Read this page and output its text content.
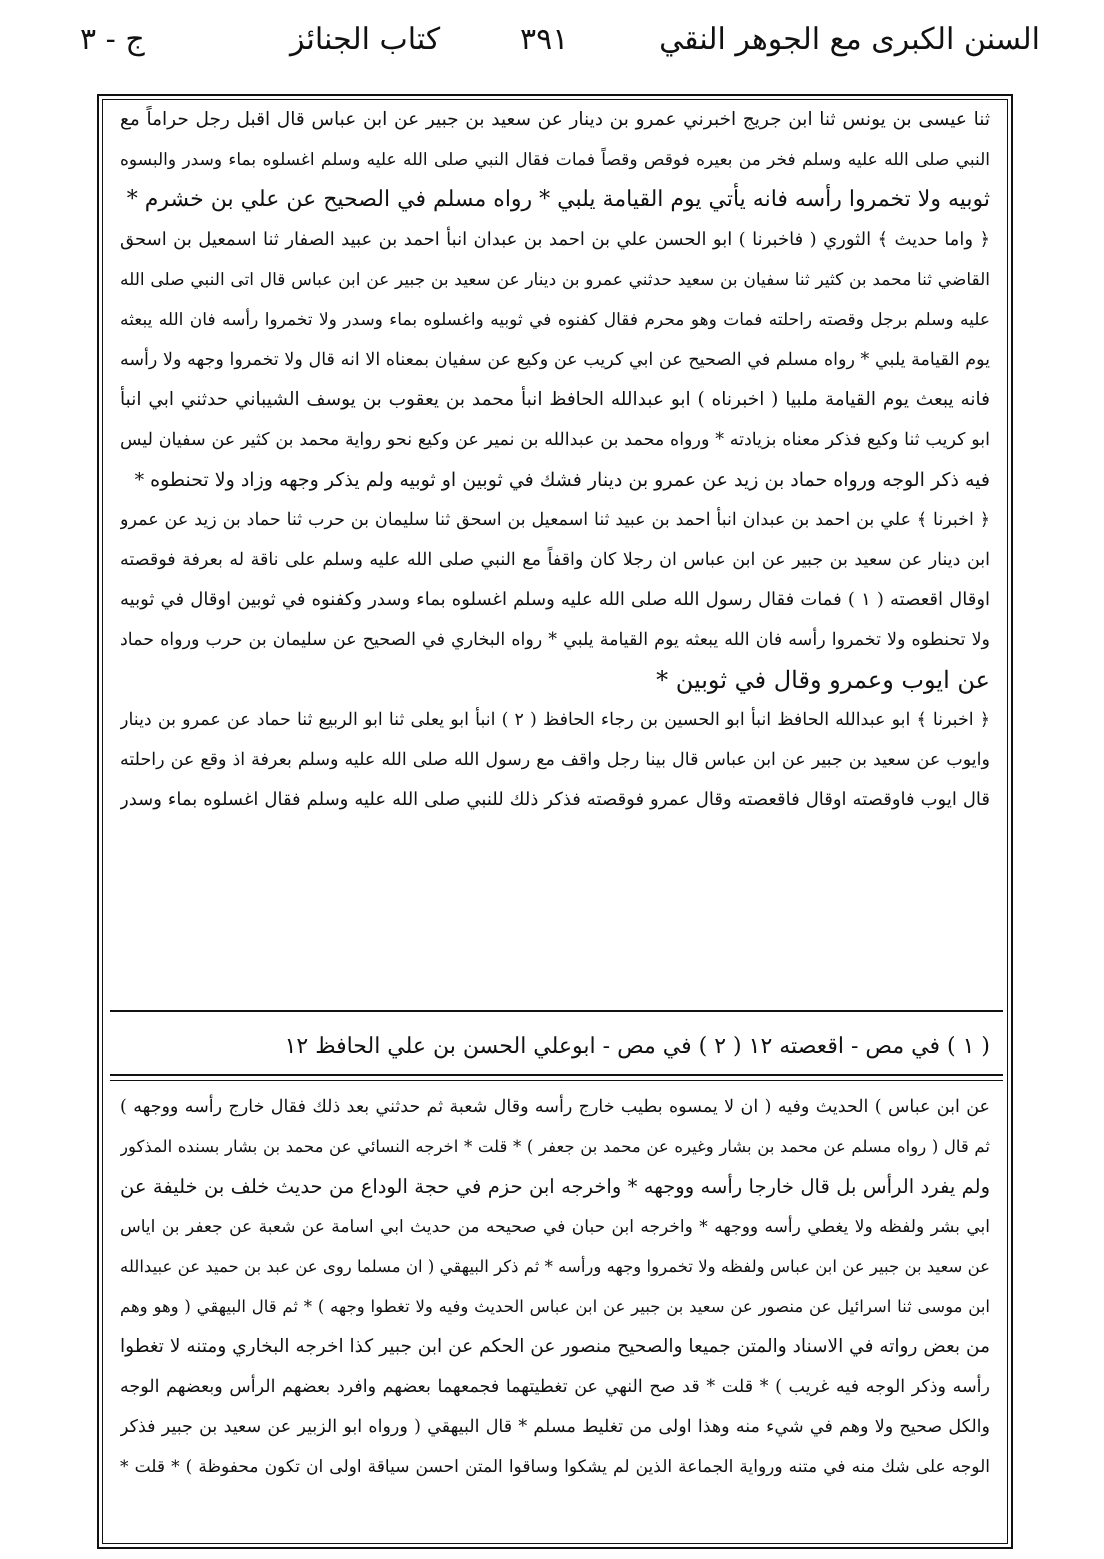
السنن الكبرى مع الجوهر النقي
٣٩١
كتاب الجنائز
ج - ٣
ثنا عيسى بن يونس ثنا ابن جريج اخبرني عمرو بن دينار عن سعيد بن جبير عن ابن عباس قال اقبل رجل حراماً مع
النبي صلى الله عليه وسلم فخر من بعيره فوقص وقصاً فمات فقال النبي صلى الله عليه وسلم اغسلوه بماء وسدر والبسوه
ثوبيه ولا تخمروا رأسه فانه يأتي يوم القيامة يلبي * رواه مسلم في الصحيح عن علي بن خشرم *
﴿ واما حديث ﴾ الثوري ( فاخبرنا ) ابو الحسن علي بن احمد بن عبدان انبأ احمد بن عبيد الصفار ثنا اسمعيل بن اسحق
القاضي ثنا محمد بن كثير ثنا سفيان بن سعيد حدثني عمرو بن دينار عن سعيد بن جبير عن ابن عباس قال اتى النبي صلى الله
عليه وسلم برجل وقصته راحلته فمات وهو محرم فقال كفنوه في ثوبيه واغسلوه بماء وسدر ولا تخمروا رأسه فان الله يبعثه
يوم القيامة يلبي * رواه مسلم في الصحيح عن ابي كريب عن وكيع عن سفيان بمعناه الا انه قال ولا تخمروا وجهه ولا رأسه
فانه يبعث يوم القيامة ملبيا ( اخبرناه ) ابو عبدالله الحافظ انبأ محمد بن يعقوب بن يوسف الشيباني حدثني ابي انبأ
ابو كريب ثنا وكيع فذكر معناه بزيادته * ورواه محمد بن عبدالله بن نمير عن وكيع نحو رواية محمد بن كثير عن سفيان ليس
فيه ذكر الوجه ورواه حماد بن زيد عن عمرو بن دينار فشك في ثوبين او ثوبيه ولم يذكر وجهه وزاد ولا تحنطوه *
﴿ اخبرنا ﴾ علي بن احمد بن عبدان انبأ احمد بن عبيد ثنا اسمعيل بن اسحق ثنا سليمان بن حرب ثنا حماد بن زيد عن عمرو
ابن دينار عن سعيد بن جبير عن ابن عباس ان رجلا كان واقفاً مع النبي صلى الله عليه وسلم على ناقة له بعرفة فوقصته
اوقال اقعصته ( ١ ) فمات فقال رسول الله صلى الله عليه وسلم اغسلوه بماء وسدر وكفنوه في ثوبين اوقال في ثوبيه
ولا تحنطوه ولا تخمروا رأسه فان الله يبعثه يوم القيامة يلبي * رواه البخاري في الصحيح عن سليمان بن حرب ورواه حماد
عن ايوب وعمرو وقال في ثوبين *
﴿ اخبرنا ﴾ ابو عبدالله الحافظ انبأ ابو الحسين بن رجاء الحافظ ( ٢ ) انبأ ابو يعلى ثنا ابو الربيع ثنا حماد عن عمرو بن دينار
وايوب عن سعيد بن جبير عن ابن عباس قال بينا رجل واقف مع رسول الله صلى الله عليه وسلم بعرفة اذ وقع عن راحلته
قال ايوب فاوقصته اوقال فاقعصته وقال عمرو فوقصته فذكر ذلك للنبي صلى الله عليه وسلم فقال اغسلوه بماء وسدر
( ١ ) في مص - اقعصته ١٢ ( ٢ ) في مص - ابوعلي الحسن بن علي الحافظ ١٢
عن ابن عباس ) الحديث وفيه ( ان لا يمسوه بطيب خارج رأسه وقال شعبة ثم حدثني بعد ذلك فقال خارج رأسه ووجهه )
ثم قال ( رواه مسلم عن محمد بن بشار وغيره عن محمد بن جعفر ) * قلت * اخرجه النسائي عن محمد بن بشار بسنده المذكور
ولم يفرد الرأس بل قال خارجا رأسه ووجهه * واخرجه ابن حزم في حجة الوداع من حديث خلف بن خليفة عن
ابي بشر ولفظه ولا يغطي رأسه ووجهه * واخرجه ابن حبان في صحيحه من حديث ابي اسامة عن شعبة عن جعفر بن اياس
عن سعيد بن جبير عن ابن عباس ولفظه ولا تخمروا وجهه ورأسه * ثم ذكر البيهقي ( ان مسلما روى عن عبد بن حميد عن عبيدالله
ابن موسى ثنا اسرائيل عن منصور عن سعيد بن جبير عن ابن عباس الحديث وفيه ولا تغطوا وجهه ) * ثم قال البيهقي ( وهو وهم
من بعض رواته في الاسناد والمتن جميعا والصحيح منصور عن الحكم عن ابن جبير كذا اخرجه البخاري ومتنه لا تغطوا
رأسه وذكر الوجه فيه غريب ) * قلت * قد صح النهي عن تغطيتهما فجمعهما بعضهم وافرد بعضهم الرأس وبعضهم الوجه
والكل صحيح ولا وهم في شيء منه وهذا اولى من تغليط مسلم * قال البيهقي ( ورواه ابو الزبير عن سعيد بن جبير فذكر
الوجه على شك منه في متنه ورواية الجماعة الذين لم يشكوا وساقوا المتن احسن سياقة اولى ان تكون محفوظة ) * قلت *
